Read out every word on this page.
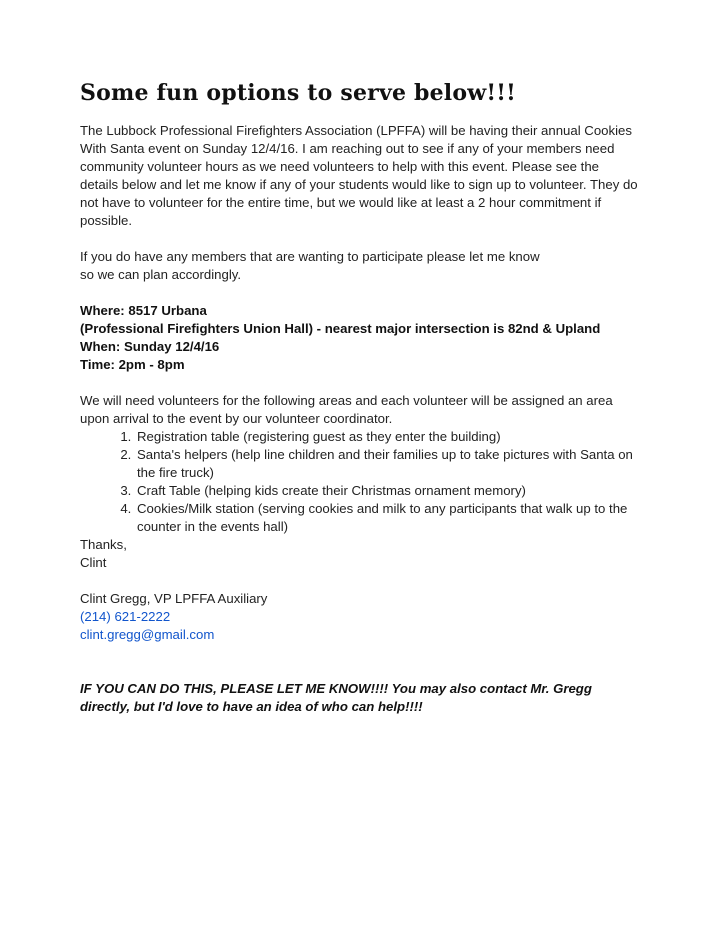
Some fun options to serve below!!!

The Lubbock Professional Firefighters Association (LPFFA) will be having their annual Cookies With Santa event on Sunday 12/4/16. I am reaching out to see if any of your members need community volunteer hours as we need volunteers to help with this event. Please see the details below and let me know if any of your students would like to sign up to volunteer. They do not have to volunteer for the entire time, but we would like at least a 2 hour commitment if possible.

If you do have any members that are wanting to participate please let me know

so we can plan accordingly.

Where: 8517 Urbana

(Professional Firefighters Union Hall) - nearest major intersection is 82nd & Upland

When: Sunday 12/4/16

Time: 2pm - 8pm

We will need volunteers for the following areas and each volunteer will be assigned an area upon arrival to the event by our volunteer coordinator.

1. Registration table (registering guest as they enter the building)
2. Santa's helpers (help line children and their families up to take pictures with Santa on the fire truck)
3. Craft Table (helping kids create their Christmas ornament memory)
4. Cookies/Milk station (serving cookies and milk to any participants that walk up to the counter in the events hall)

Thanks,

Clint

Clint Gregg, VP LPFFA Auxiliary

(214) 621-2222

clint.gregg@gmail.com

IF YOU CAN DO THIS, PLEASE LET ME KNOW!!!! You may also contact Mr. Gregg directly, but I'd love to have an idea of who can help!!!!
